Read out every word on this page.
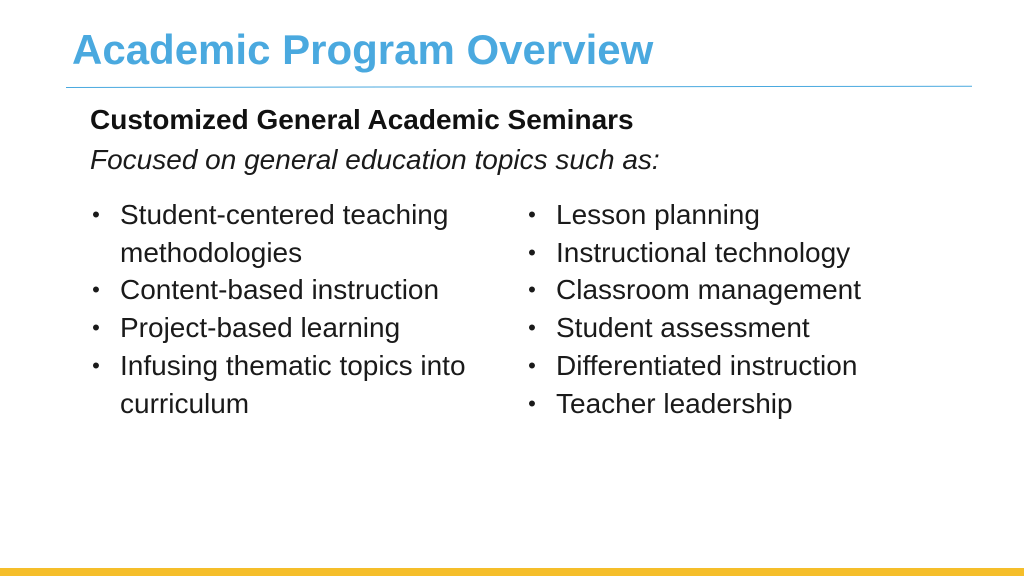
Academic Program Overview
Customized General Academic Seminars
Focused on general education topics such as:
• Student-centered teaching methodologies
• Content-based instruction
• Project-based learning
• Infusing thematic topics into curriculum
• Lesson planning
• Instructional technology
• Classroom management
• Student assessment
• Differentiated instruction
• Teacher leadership
